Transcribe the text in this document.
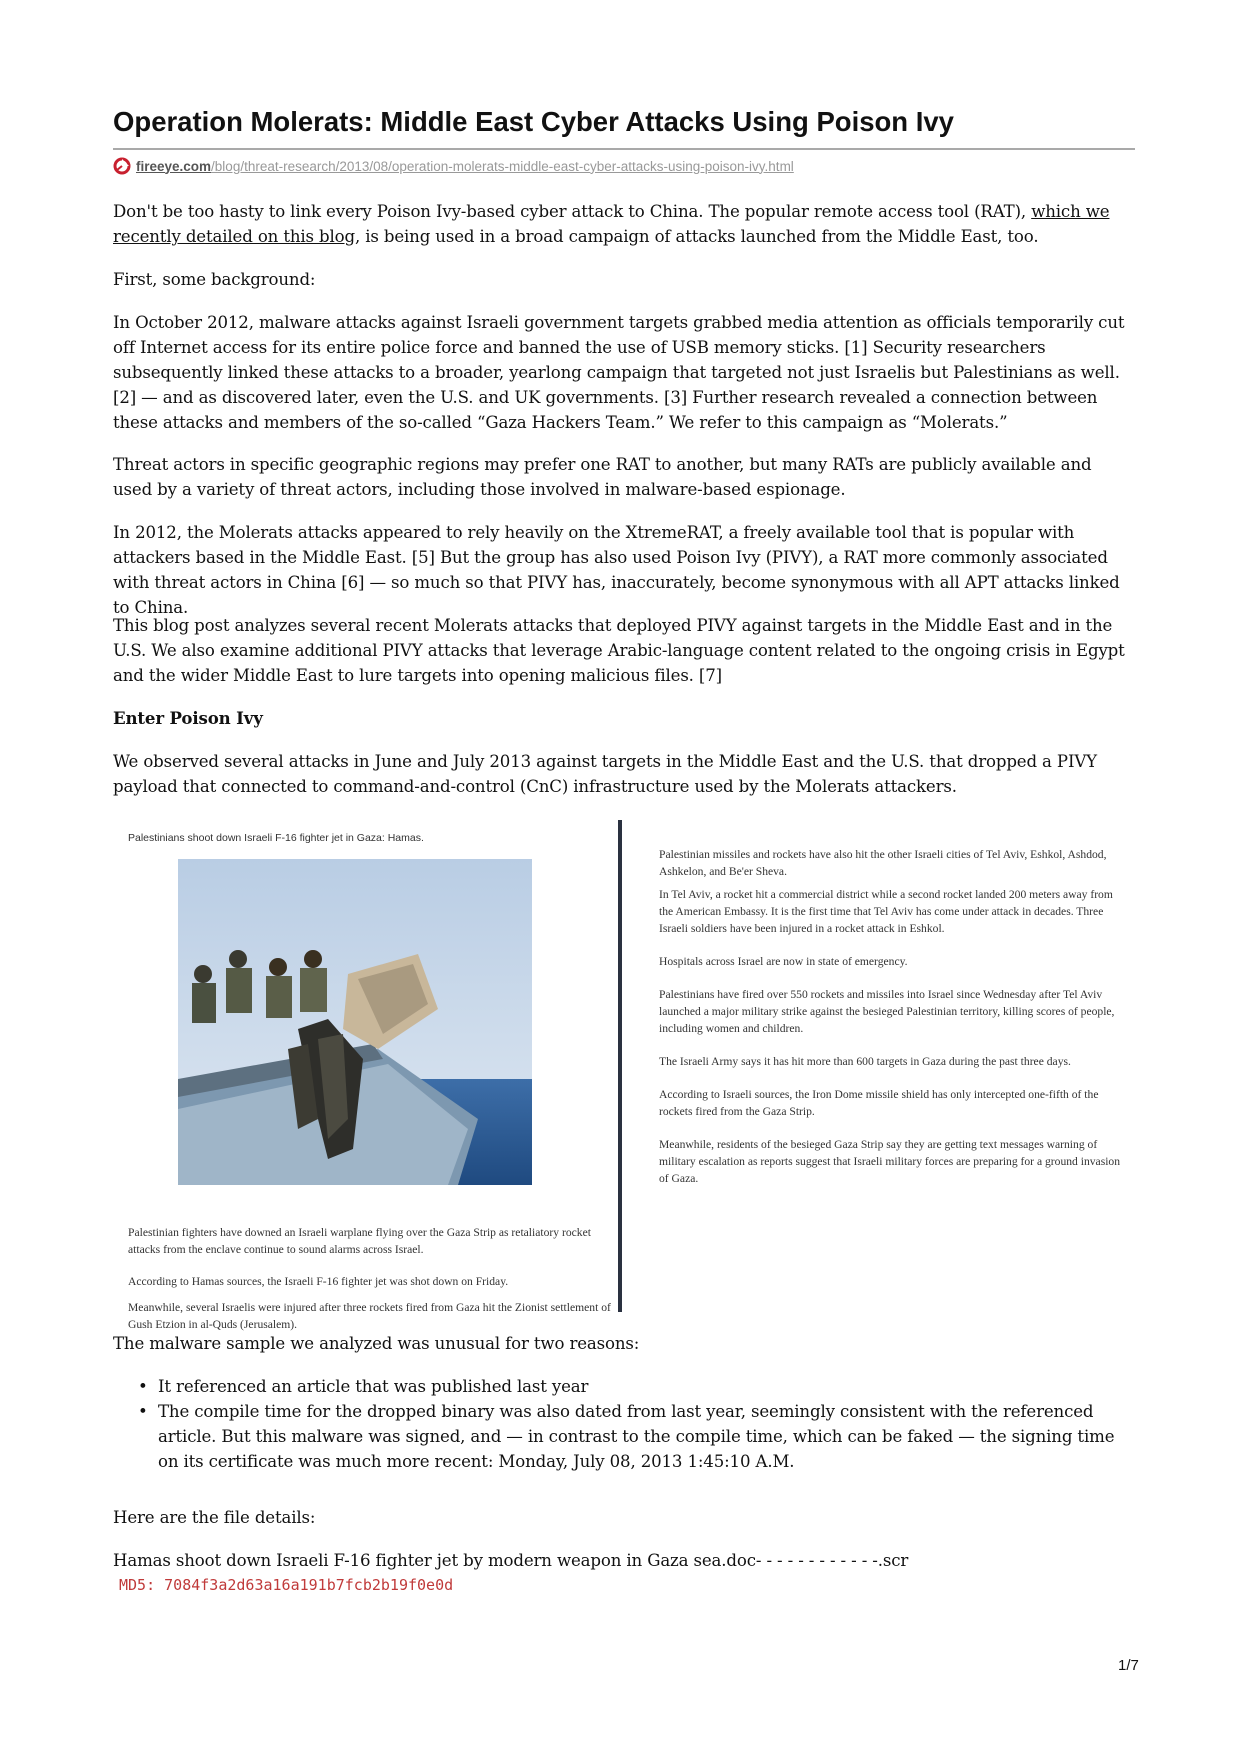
Operation Molerats: Middle East Cyber Attacks Using Poison Ivy
fireeye.com /blog/threat-research/2013/08/operation-molerats-middle-east-cyber-attacks-using-poison-ivy.html

Don't be too hasty to link every Poison Ivy-based cyber attack to China. The popular remote access tool (RAT), which we recently detailed on this blog, is being used in a broad campaign of attacks launched from the Middle East, too.

First, some background:

In October 2012, malware attacks against Israeli government targets grabbed media attention as officials temporarily cut off Internet access for its entire police force and banned the use of USB memory sticks. [1] Security researchers subsequently linked these attacks to a broader, yearlong campaign that targeted not just Israelis but Palestinians as well. [2] — and as discovered later, even the U.S. and UK governments. [3] Further research revealed a connection between these attacks and members of the so-called “Gaza Hackers Team.” We refer to this campaign as “Molerats.”

Threat actors in specific geographic regions may prefer one RAT to another, but many RATs are publicly available and used by a variety of threat actors, including those involved in malware-based espionage.

In 2012, the Molerats attacks appeared to rely heavily on the XtremeRAT, a freely available tool that is popular with attackers based in the Middle East. [5] But the group has also used Poison Ivy (PIVY), a RAT more commonly associated with threat actors in China [6] — so much so that PIVY has, inaccurately, become synonymous with all APT attacks linked to China.

This blog post analyzes several recent Molerats attacks that deployed PIVY against targets in the Middle East and in the U.S. We also examine additional PIVY attacks that leverage Arabic-language content related to the ongoing crisis in Egypt and the wider Middle East to lure targets into opening malicious files. [7]

Enter Poison Ivy

We observed several attacks in June and July 2013 against targets in the Middle East and the U.S. that dropped a PIVY payload that connected to command-and-control (CnC) infrastructure used by the Molerats attackers.

Palestinians shoot down Israeli F-16 fighter jet in Gaza: Hamas.

Palestinian fighters have downed an Israeli warplane flying over the Gaza Strip as retaliatory rocket attacks from the enclave continue to sound alarms across Israel.

According to Hamas sources, the Israeli F-16 fighter jet was shot down on Friday.

Meanwhile, several Israelis were injured after three rockets fired from Gaza hit the Zionist settlement of Gush Etzion in al-Quds (Jerusalem).

Palestinian missiles and rockets have also hit the other Israeli cities of Tel Aviv, Eshkol, Ashdod, Ashkelon, and Be'er Sheva.

In Tel Aviv, a rocket hit a commercial district while a second rocket landed 200 meters away from the American Embassy. It is the first time that Tel Aviv has come under attack in decades. Three Israeli soldiers have been injured in a rocket attack in Eshkol.

Hospitals across Israel are now in state of emergency.

Palestinians have fired over 550 rockets and missiles into Israel since Wednesday after Tel Aviv launched a major military strike against the besieged Palestinian territory, killing scores of people, including women and children.

The Israeli Army says it has hit more than 600 targets in Gaza during the past three days.

According to Israeli sources, the Iron Dome missile shield has only intercepted one-fifth of the rockets fired from the Gaza Strip.

Meanwhile, residents of the besieged Gaza Strip say they are getting text messages warning of military escalation as reports suggest that Israeli military forces are preparing for a ground invasion of Gaza.

The malware sample we analyzed was unusual for two reasons:

• It referenced an article that was published last year
• The compile time for the dropped binary was also dated from last year, seemingly consistent with the referenced article. But this malware was signed, and — in contrast to the compile time, which can be faked — the signing time on its certificate was much more recent: Monday, July 08, 2013 1:45:10 A.M.

Here are the file details:

Hamas shoot down Israeli F-16 fighter jet by modern weapon in Gaza sea.doc- - - - - - - - - - - -.scr

MD5: 7084f3a2d63a16a191b7fcb2b19f0e0d
1/7
